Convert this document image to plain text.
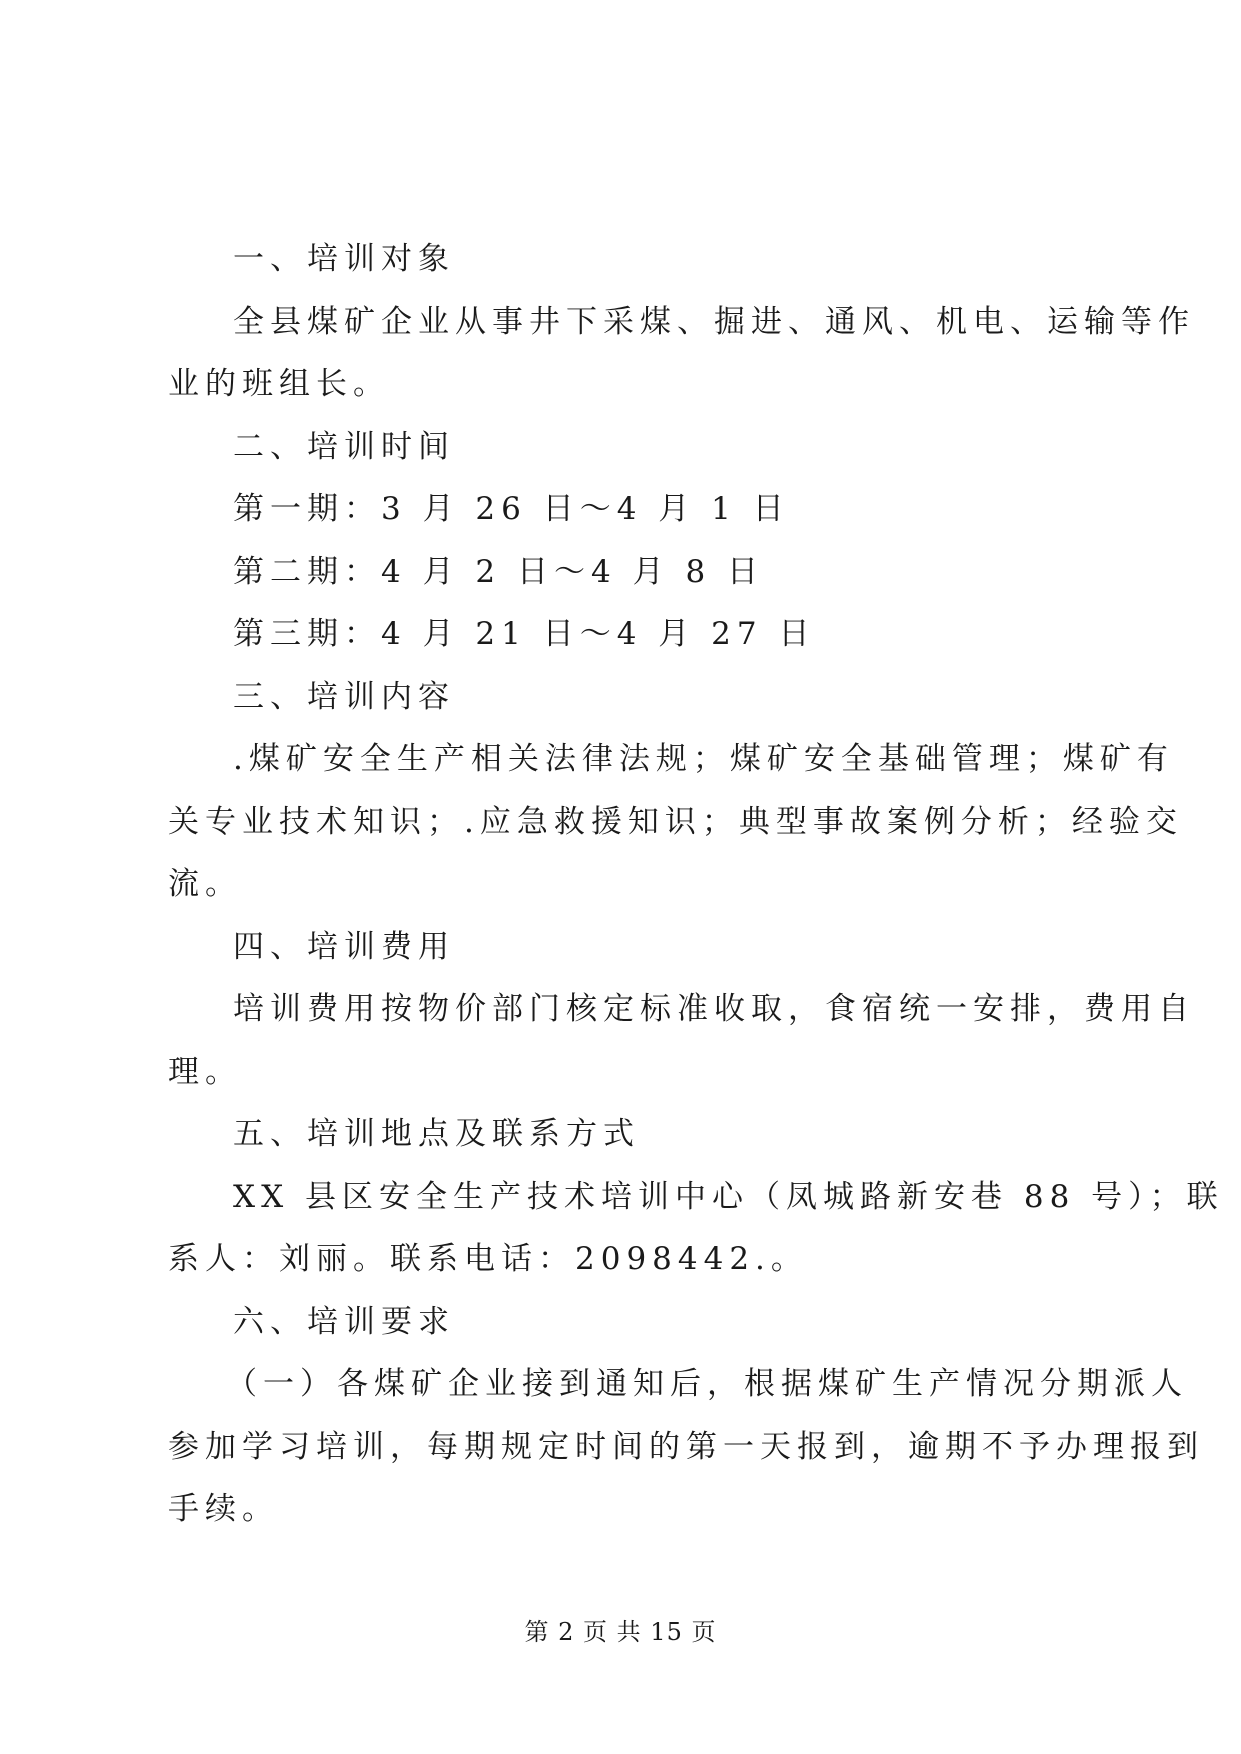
一、培训对象
全县煤矿企业从事井下采煤、掘进、通风、机电、运输等作
业的班组长。
二、培训时间
第一期：3 月 26 日～4 月 1 日
第二期：4 月 2 日～4 月 8 日
第三期：4 月 21 日～4 月 27 日
三、培训内容
.煤矿安全生产相关法律法规；煤矿安全基础管理；煤矿有
关专业技术知识；.应急救援知识；典型事故案例分析；经验交
流。
四、培训费用
培训费用按物价部门核定标准收取，食宿统一安排，费用自
理。
五、培训地点及联系方式
XX 县区安全生产技术培训中心（凤城路新安巷 88 号）；联
系人：刘丽。联系电话：2098442.。
六、培训要求
（一）各煤矿企业接到通知后，根据煤矿生产情况分期派人
参加学习培训，每期规定时间的第一天报到，逾期不予办理报到
手续。
第 2 页 共 15 页
